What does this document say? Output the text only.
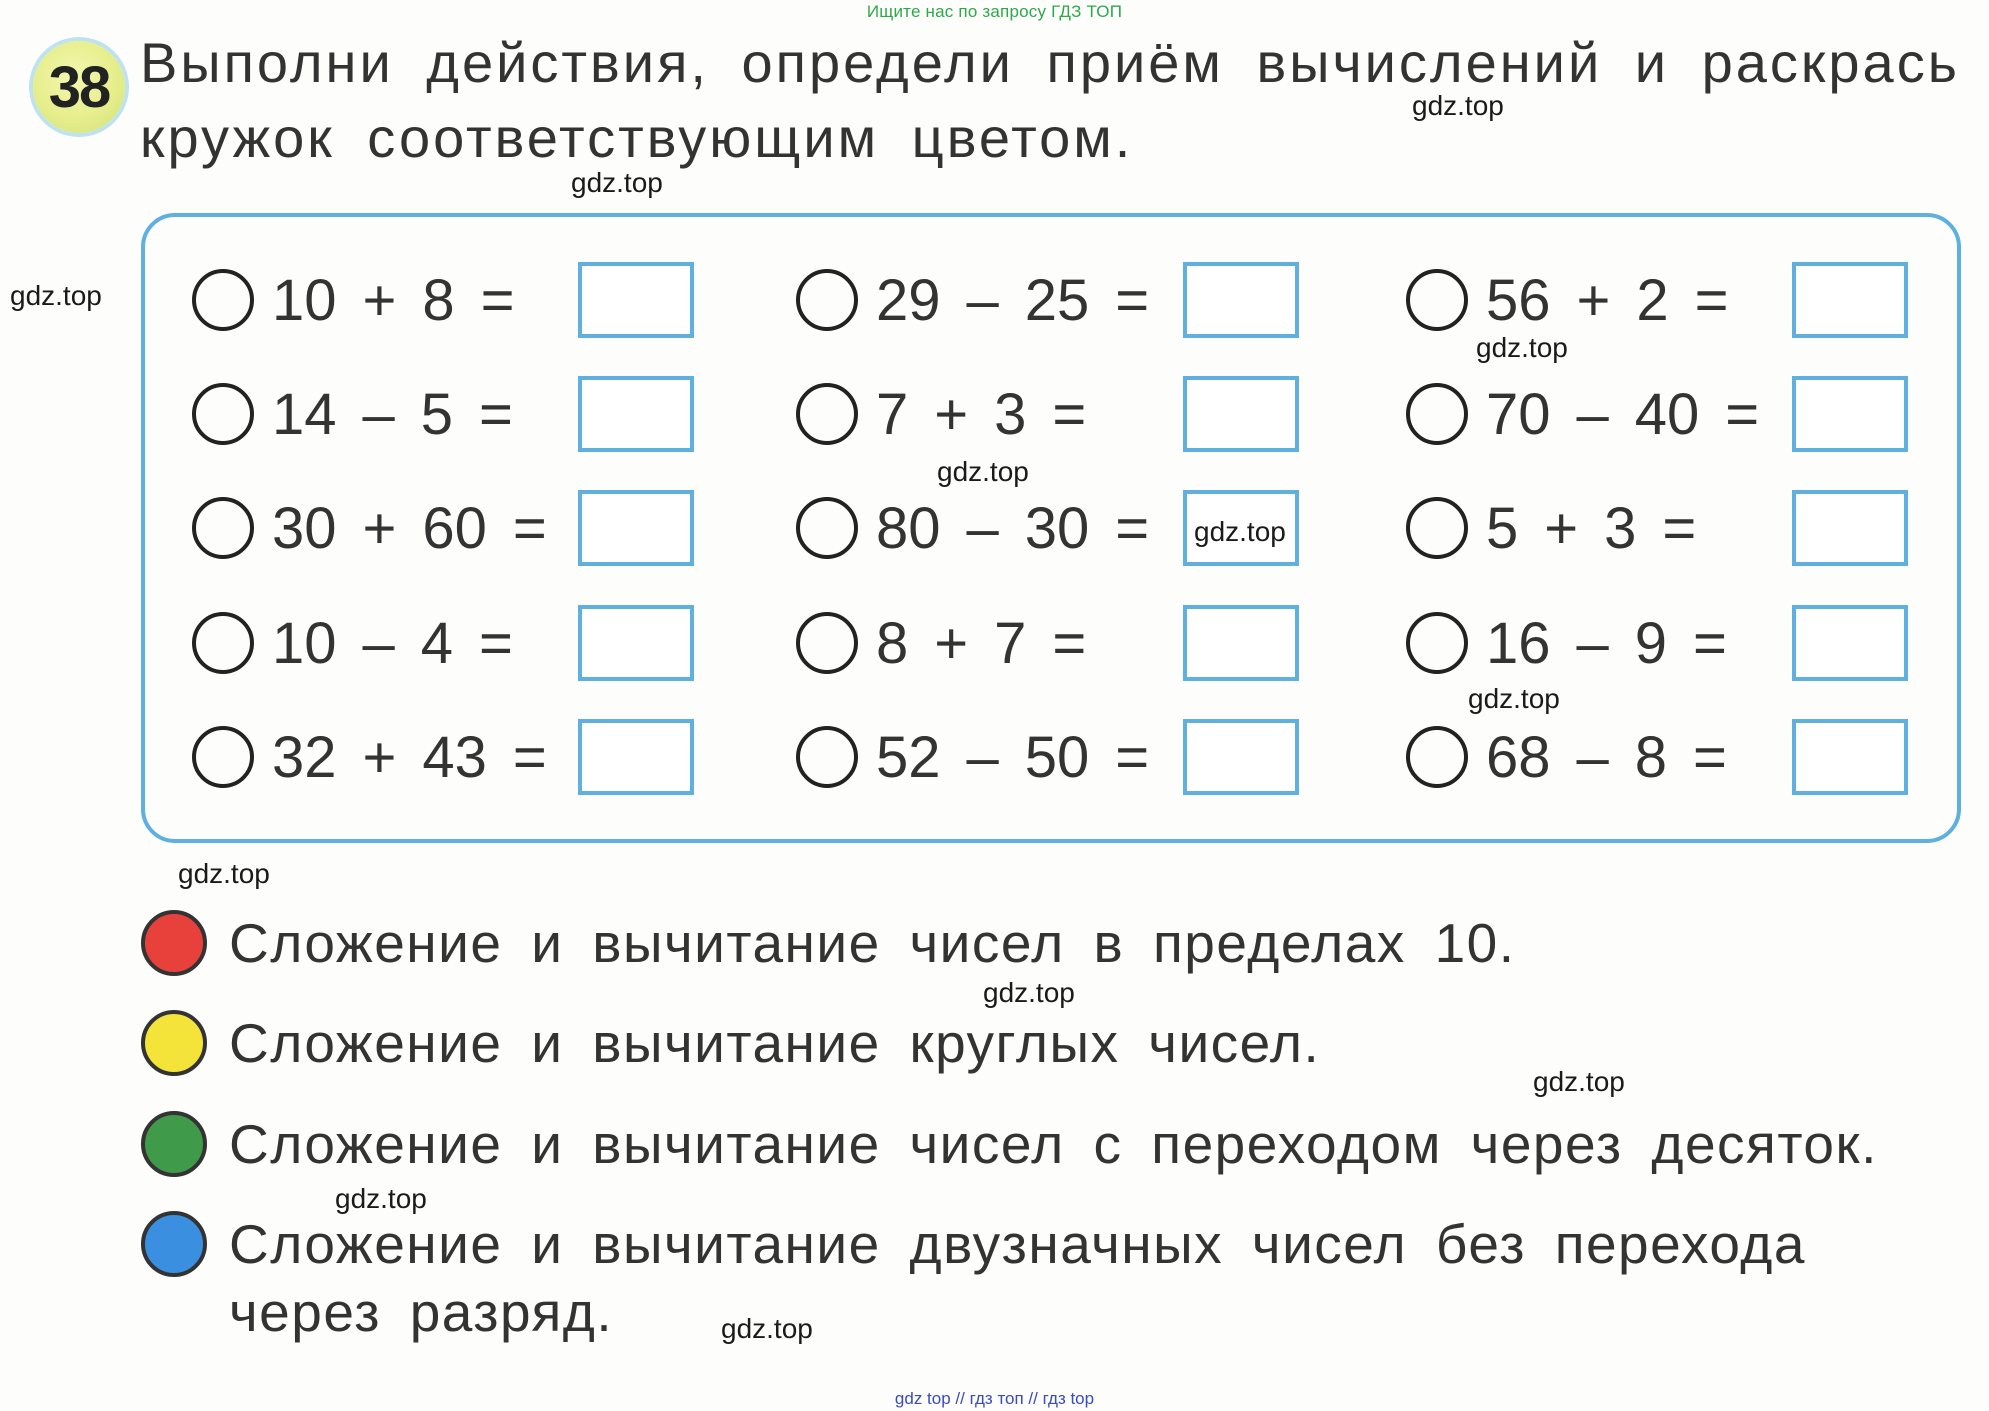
Ищите нас по запросу ГДЗ ТОП
38 Выполни действия, определи приём вычислений и раскрась
кружок соответствующим цветом.
10 + 8 =
14 – 5 =
30 + 60 =
10 – 4 =
32 + 43 =
29 – 25 =
7 + 3 =
80 – 30 =
8 + 7 =
52 – 50 =
56 + 2 =
70 – 40 =
5 + 3 =
16 – 9 =
68 – 8 =
Сложение и вычитание чисел в пределах 10.
Сложение и вычитание круглых чисел.
Сложение и вычитание чисел с переходом через десяток.
Сложение и вычитание двузначных чисел без перехода
через разряд.
gdz.top
gdz.top
gdz.top
gdz.top
gdz.top
gdz.top
gdz.top
gdz.top
gdz.top
gdz.top
gdz.top
gdz.top
gdz top // гдз топ // гдз top
